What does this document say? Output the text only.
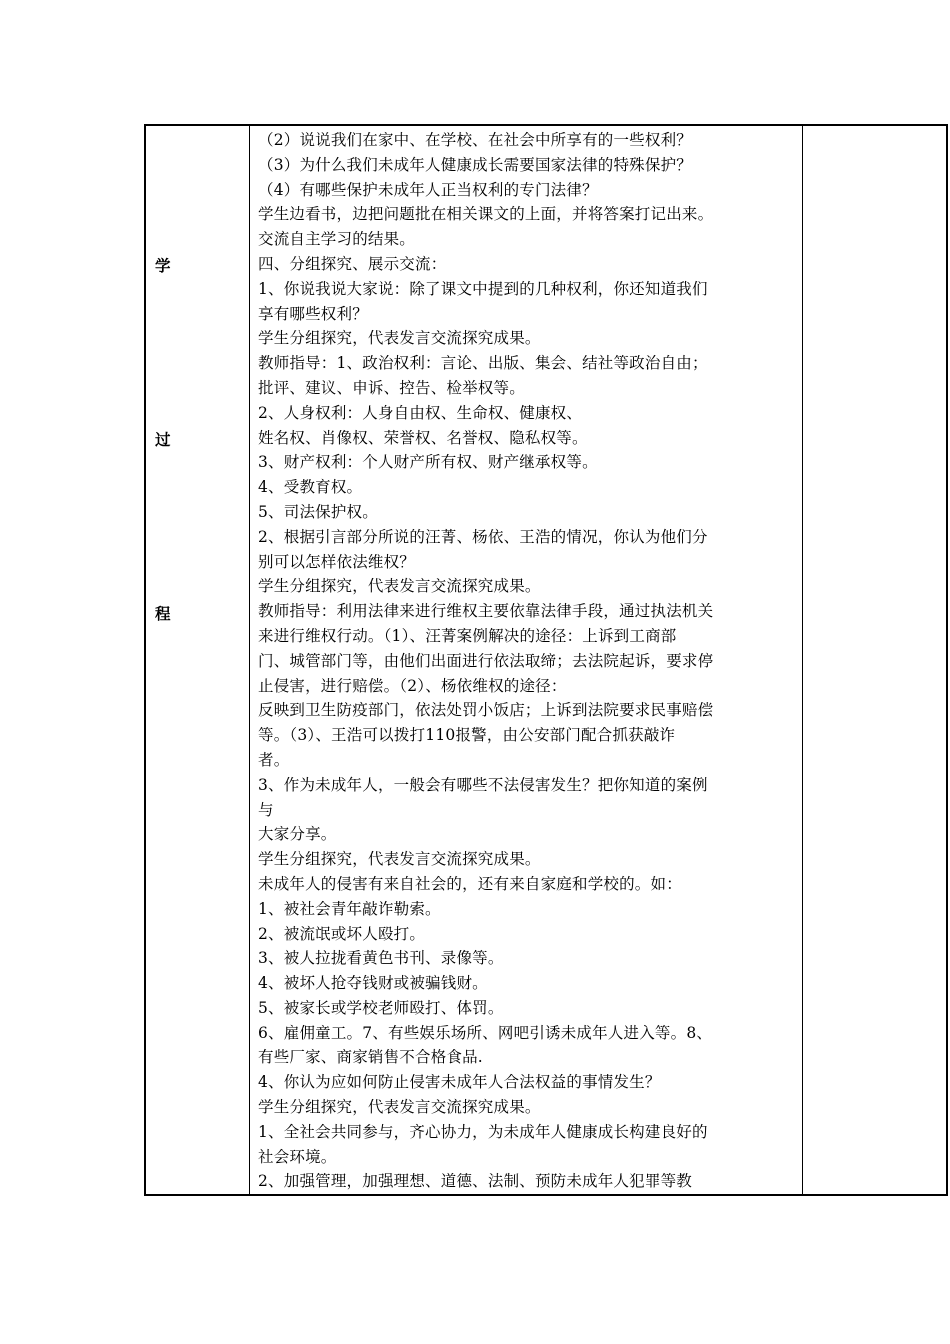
学
过
程
（2）说说我们在家中、在学校、在社会中所享有的一些权利？
（3）为什么我们未成年人健康成长需要国家法律的特殊保护？
（4）有哪些保护未成年人正当权利的专门法律？
学生边看书，边把问题批在相关课文的上面，并将答案打记出来。
交流自主学习的结果。
四、分组探究、展示交流：
1、你说我说大家说：除了课文中提到的几种权利，你还知道我们
享有哪些权利？
学生分组探究，代表发言交流探究成果。
教师指导：1、政治权利：言论、出版、集会、结社等政治自由；
批评、建议、申诉、控告、检举权等。
2、人身权利：人身自由权、生命权、健康权、
姓名权、肖像权、荣誉权、名誉权、隐私权等。
3、财产权利：个人财产所有权、财产继承权等。
4、受教育权。
5、司法保护权。
2、根据引言部分所说的汪菁、杨依、王浩的情况，你认为他们分
别可以怎样依法维权？
学生分组探究，代表发言交流探究成果。
教师指导：利用法律来进行维权主要依靠法律手段，通过执法机关
来进行维权行动。（1）、汪菁案例解决的途径：上诉到工商部
门、城管部门等，由他们出面进行依法取缔；去法院起诉，要求停
止侵害，进行赔偿。（2）、杨依维权的途径：
反映到卫生防疫部门，依法处罚小饭店；上诉到法院要求民事赔偿
等。（3）、王浩可以拨打110报警，由公安部门配合抓获敲诈
者。
3、作为未成年人，一般会有哪些不法侵害发生？把你知道的案例
与
大家分享。
学生分组探究，代表发言交流探究成果。
未成年人的侵害有来自社会的，还有来自家庭和学校的。如：
1、被社会青年敲诈勒索。
2、被流氓或坏人殴打。
3、被人拉拢看黄色书刊、录像等。
4、被坏人抢夺钱财或被骗钱财。
5、被家长或学校老师殴打、体罚。
6、雇佣童工。7、有些娱乐场所、网吧引诱未成年人进入等。8、
有些厂家、商家销售不合格食品.
4、你认为应如何防止侵害未成年人合法权益的事情发生？
学生分组探究，代表发言交流探究成果。
1、全社会共同参与，齐心协力，为未成年人健康成长构建良好的
社会环境。
2、加强管理，加强理想、道德、法制、预防未成年人犯罪等教
